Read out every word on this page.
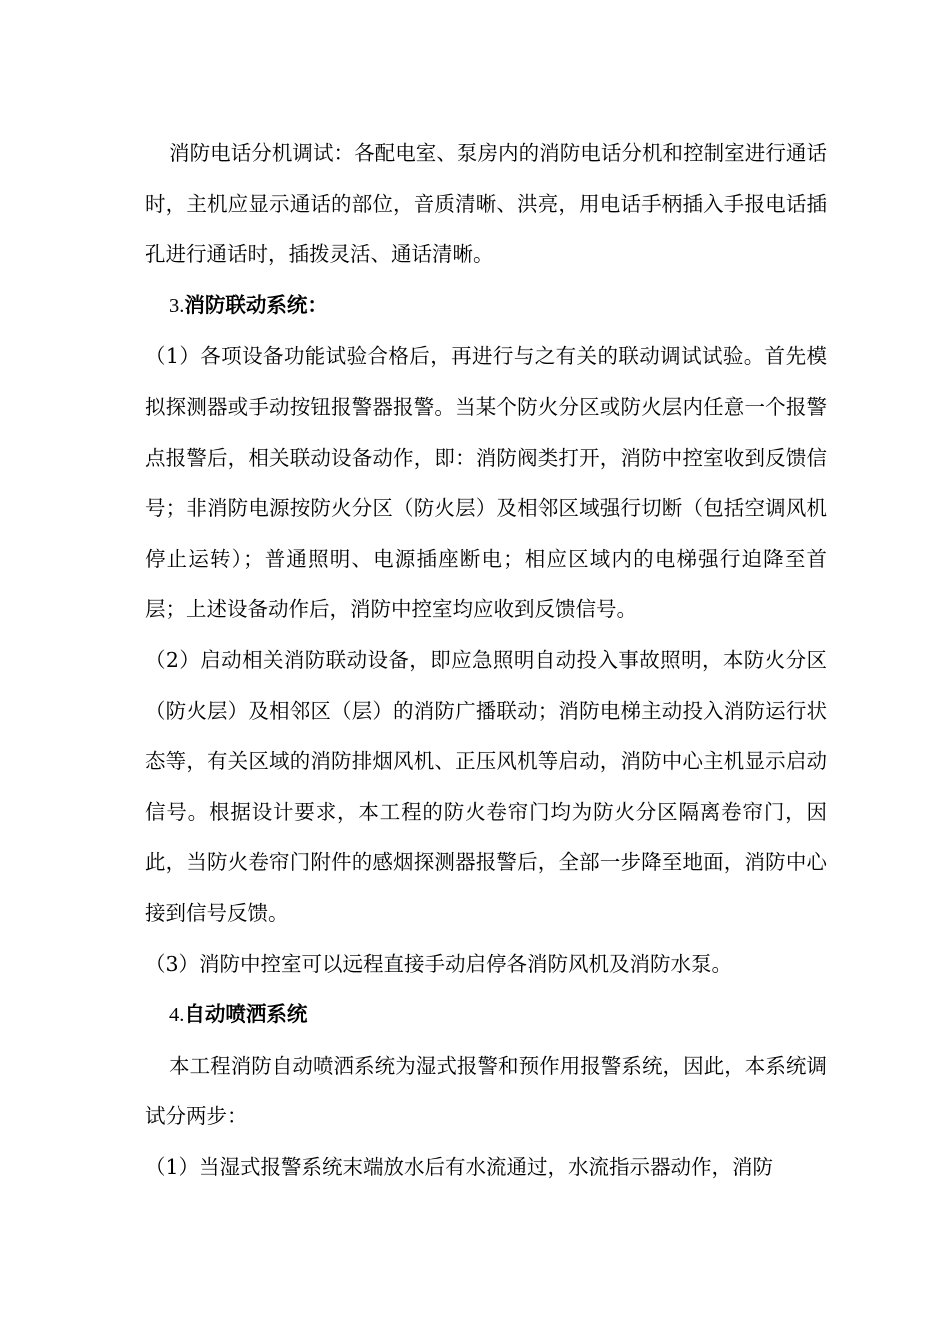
消防电话分机调试：各配电室、泵房内的消防电话分机和控制室进行通话时，主机应显示通话的部位，音质清晰、洪亮，用电话手柄插入手报电话插孔进行通话时，插拨灵活、通话清晰。

3.消防联动系统：

（1）各项设备功能试验合格后，再进行与之有关的联动调试试验。首先模拟探测器或手动按钮报警器报警。当某个防火分区或防火层内任意一个报警点报警后，相关联动设备动作，即：消防阀类打开，消防中控室收到反馈信号；非消防电源按防火分区（防火层）及相邻区域强行切断（包括空调风机停止运转）；普通照明、电源插座断电；相应区域内的电梯强行迫降至首层；上述设备动作后，消防中控室均应收到反馈信号。

（2）启动相关消防联动设备，即应急照明自动投入事故照明，本防火分区（防火层）及相邻区（层）的消防广播联动；消防电梯主动投入消防运行状态等，有关区域的消防排烟风机、正压风机等启动，消防中心主机显示启动信号。根据设计要求，本工程的防火卷帘门均为防火分区隔离卷帘门，因此，当防火卷帘门附件的感烟探测器报警后，全部一步降至地面，消防中心接到信号反馈。

（3）消防中控室可以远程直接手动启停各消防风机及消防水泵。

4.自动喷洒系统

本工程消防自动喷洒系统为湿式报警和预作用报警系统，因此，本系统调试分两步：

（1）当湿式报警系统末端放水后有水流通过，水流指示器动作，消防
